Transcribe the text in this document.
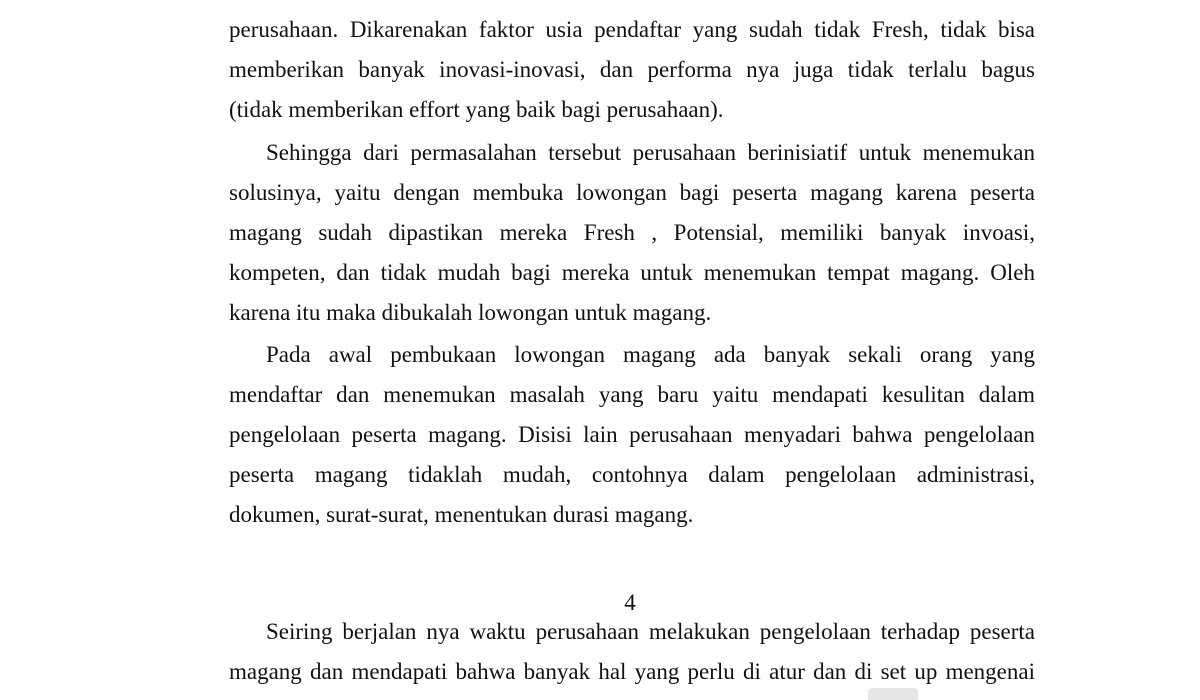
perusahaan. Dikarenakan faktor usia pendaftar yang sudah tidak Fresh, tidak bisa

memberikan banyak inovasi-inovasi, dan performa nya juga tidak terlalu bagus

(tidak memberikan effort yang baik bagi perusahaan).

Sehingga dari permasalahan tersebut perusahaan berinisiatif untuk menemukan

solusinya, yaitu dengan membuka lowongan bagi peserta magang karena peserta

magang sudah dipastikan mereka Fresh , Potensial, memiliki banyak invoasi,

kompeten, dan tidak mudah bagi mereka untuk menemukan tempat magang. Oleh

karena itu maka dibukalah lowongan untuk magang.

Pada awal pembukaan lowongan magang ada banyak sekali orang yang

mendaftar dan menemukan masalah yang baru yaitu mendapati kesulitan dalam

pengelolaan peserta magang. Disisi lain perusahaan menyadari bahwa pengelolaan

peserta magang tidaklah mudah, contohnya dalam pengelolaan administrasi,

dokumen, surat-surat, menentukan durasi magang.

4

Seiring berjalan nya waktu perusahaan melakukan pengelolaan terhadap peserta

magang dan mendapati bahwa banyak hal yang perlu di atur dan di set up mengenai
